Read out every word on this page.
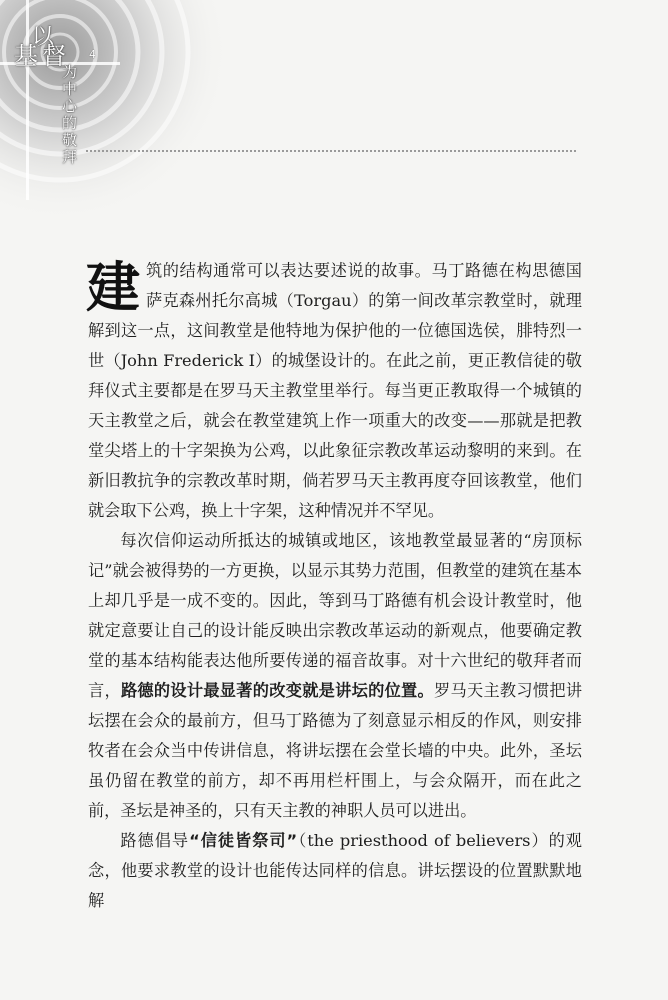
以
基 督
为中心的敬拜
4

建筑的结构通常可以表达要述说的故事。马丁路德在构思德国萨克森州托尔高城（Torgau）的第一间改革宗教堂时，就理解到这一点，这间教堂是他特地为保护他的一位德国选侯，腓特烈一世（John Frederick I）的城堡设计的。在此之前，更正教信徒的敬拜仪式主要都是在罗马天主教堂里举行。每当更正教取得一个城镇的天主教堂之后，就会在教堂建筑上作一项重大的改变——那就是把教堂尖塔上的十字架换为公鸡，以此象征宗教改革运动黎明的来到。在新旧教抗争的宗教改革时期，倘若罗马天主教再度夺回该教堂，他们就会取下公鸡，换上十字架，这种情况并不罕见。

每次信仰运动所抵达的城镇或地区，该地教堂最显著的“房顶标记”就会被得势的一方更换，以显示其势力范围，但教堂的建筑在基本上却几乎是一成不变的。因此，等到马丁路德有机会设计教堂时，他就定意要让自己的设计能反映出宗教改革运动的新观点，他要确定教堂的基本结构能表达他所要传递的福音故事。对十六世纪的敬拜者而言，路德的设计最显著的改变就是讲坛的位置。罗马天主教习惯把讲坛摆在会众的最前方，但马丁路德为了刻意显示相反的作风，则安排牧者在会众当中传讲信息，将讲坛摆在会堂长墙的中央。此外，圣坛虽仍留在教堂的前方，却不再用栏杆围上，与会众隔开，而在此之前，圣坛是神圣的，只有天主教的神职人员可以进出。

路德倡导“信徒皆祭司”（the priesthood of believers）的观念，他要求教堂的设计也能传达同样的信息。讲坛摆设的位置默默地解
